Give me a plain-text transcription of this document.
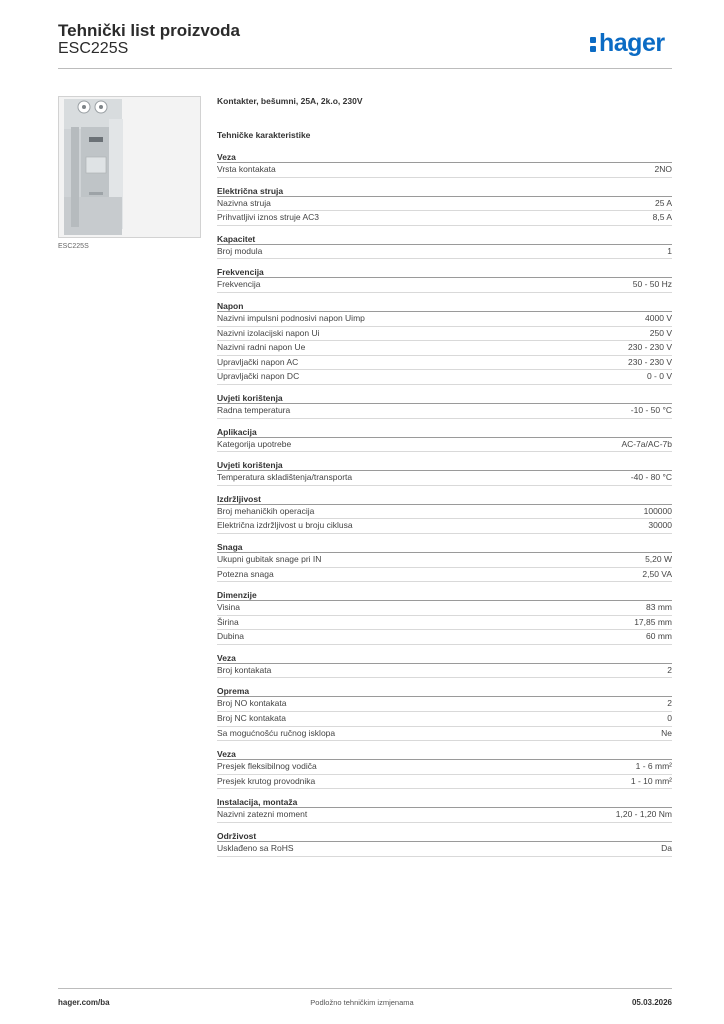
Tehnički list proizvoda
ESC225S	hager
ESC225S
Kontakter, bešumni, 25A, 2k.o, 230V
Tehničke karakteristike
Veza
Vrsta kontakata	2NO
Električna struja
Nazivna struja	25 A
Prihvatljivi iznos struje AC3	8,5 A
Kapacitet
Broj modula	1
Frekvencija
Frekvencija	50 - 50 Hz
Napon
Nazivni impulsni podnosivi napon Uimp	4000 V
Nazivni izolacijski napon Ui	250 V
Nazivni radni napon Ue	230 - 230 V
Upravljački napon AC	230 - 230 V
Upravljački napon DC	0 - 0 V
Uvjeti korištenja
Radna temperatura	-10 - 50 °C
Aplikacija
Kategorija upotrebe	AC-7a/AC-7b
Uvjeti korištenja
Temperatura skladištenja/transporta	-40 - 80 °C
Izdržljivost
Broj mehaničkih operacija	100000
Električna izdržljivost u broju ciklusa	30000
Snaga
Ukupni gubitak snage pri IN	5,20 W
Potezna snaga	2,50 VA
Dimenzije
Visina	83 mm
Širina	17,85 mm
Dubina	60 mm
Veza
Broj kontakata	2
Oprema
Broj NO kontakata	2
Broj NC kontakata	0
Sa mogućnošću ručnog isklopa	Ne
Veza
Presjek fleksibilnog vodiča	1 - 6 mm²
Presjek krutog provodnika	1 - 10 mm²
Instalacija, montaža
Nazivni zatezni moment	1,20 - 1,20 Nm
Održivost
Usklađeno sa RoHS	Da
hager.com/ba	Podložno tehničkim izmjenama	05.03.2026
